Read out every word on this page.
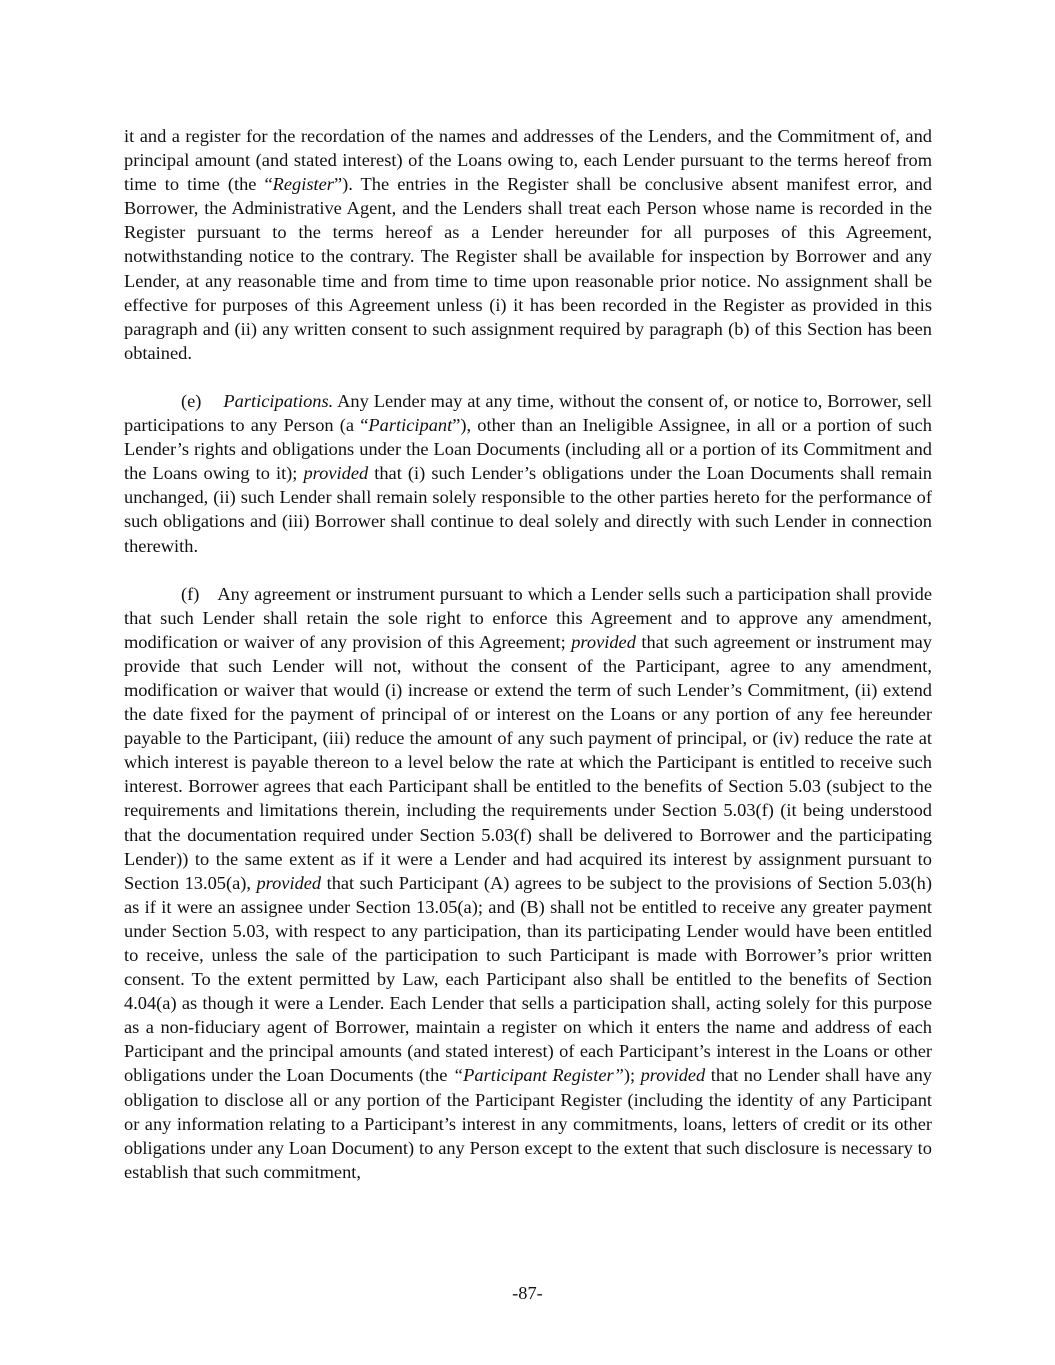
it and a register for the recordation of the names and addresses of the Lenders, and the Commitment of, and principal amount (and stated interest) of the Loans owing to, each Lender pursuant to the terms hereof from time to time (the “Register”). The entries in the Register shall be conclusive absent manifest error, and Borrower, the Administrative Agent, and the Lenders shall treat each Person whose name is recorded in the Register pursuant to the terms hereof as a Lender hereunder for all purposes of this Agreement, notwithstanding notice to the contrary. The Register shall be available for inspection by Borrower and any Lender, at any reasonable time and from time to time upon reasonable prior notice. No assignment shall be effective for purposes of this Agreement unless (i) it has been recorded in the Register as provided in this paragraph and (ii) any written consent to such assignment required by paragraph (b) of this Section has been obtained.

(e) Participations. Any Lender may at any time, without the consent of, or notice to, Borrower, sell participations to any Person (a “Participant”), other than an Ineligible Assignee, in all or a portion of such Lender’s rights and obligations under the Loan Documents (including all or a portion of its Commitment and the Loans owing to it); provided that (i) such Lender’s obligations under the Loan Documents shall remain unchanged, (ii) such Lender shall remain solely responsible to the other parties hereto for the performance of such obligations and (iii) Borrower shall continue to deal solely and directly with such Lender in connection therewith.

(f) Any agreement or instrument pursuant to which a Lender sells such a participation shall provide that such Lender shall retain the sole right to enforce this Agreement and to approve any amendment, modification or waiver of any provision of this Agreement; provided that such agreement or instrument may provide that such Lender will not, without the consent of the Participant, agree to any amendment, modification or waiver that would (i) increase or extend the term of such Lender’s Commitment, (ii) extend the date fixed for the payment of principal of or interest on the Loans or any portion of any fee hereunder payable to the Participant, (iii) reduce the amount of any such payment of principal, or (iv) reduce the rate at which interest is payable thereon to a level below the rate at which the Participant is entitled to receive such interest. Borrower agrees that each Participant shall be entitled to the benefits of Section 5.03 (subject to the requirements and limitations therein, including the requirements under Section 5.03(f) (it being understood that the documentation required under Section 5.03(f) shall be delivered to Borrower and the participating Lender)) to the same extent as if it were a Lender and had acquired its interest by assignment pursuant to Section 13.05(a), provided that such Participant (A) agrees to be subject to the provisions of Section 5.03(h) as if it were an assignee under Section 13.05(a); and (B) shall not be entitled to receive any greater payment under Section 5.03, with respect to any participation, than its participating Lender would have been entitled to receive, unless the sale of the participation to such Participant is made with Borrower’s prior written consent. To the extent permitted by Law, each Participant also shall be entitled to the benefits of Section 4.04(a) as though it were a Lender. Each Lender that sells a participation shall, acting solely for this purpose as a non-fiduciary agent of Borrower, maintain a register on which it enters the name and address of each Participant and the principal amounts (and stated interest) of each Participant’s interest in the Loans or other obligations under the Loan Documents (the “Participant Register”); provided that no Lender shall have any obligation to disclose all or any portion of the Participant Register (including the identity of any Participant or any information relating to a Participant’s interest in any commitments, loans, letters of credit or its other obligations under any Loan Document) to any Person except to the extent that such disclosure is necessary to establish that such commitment,

-87-
